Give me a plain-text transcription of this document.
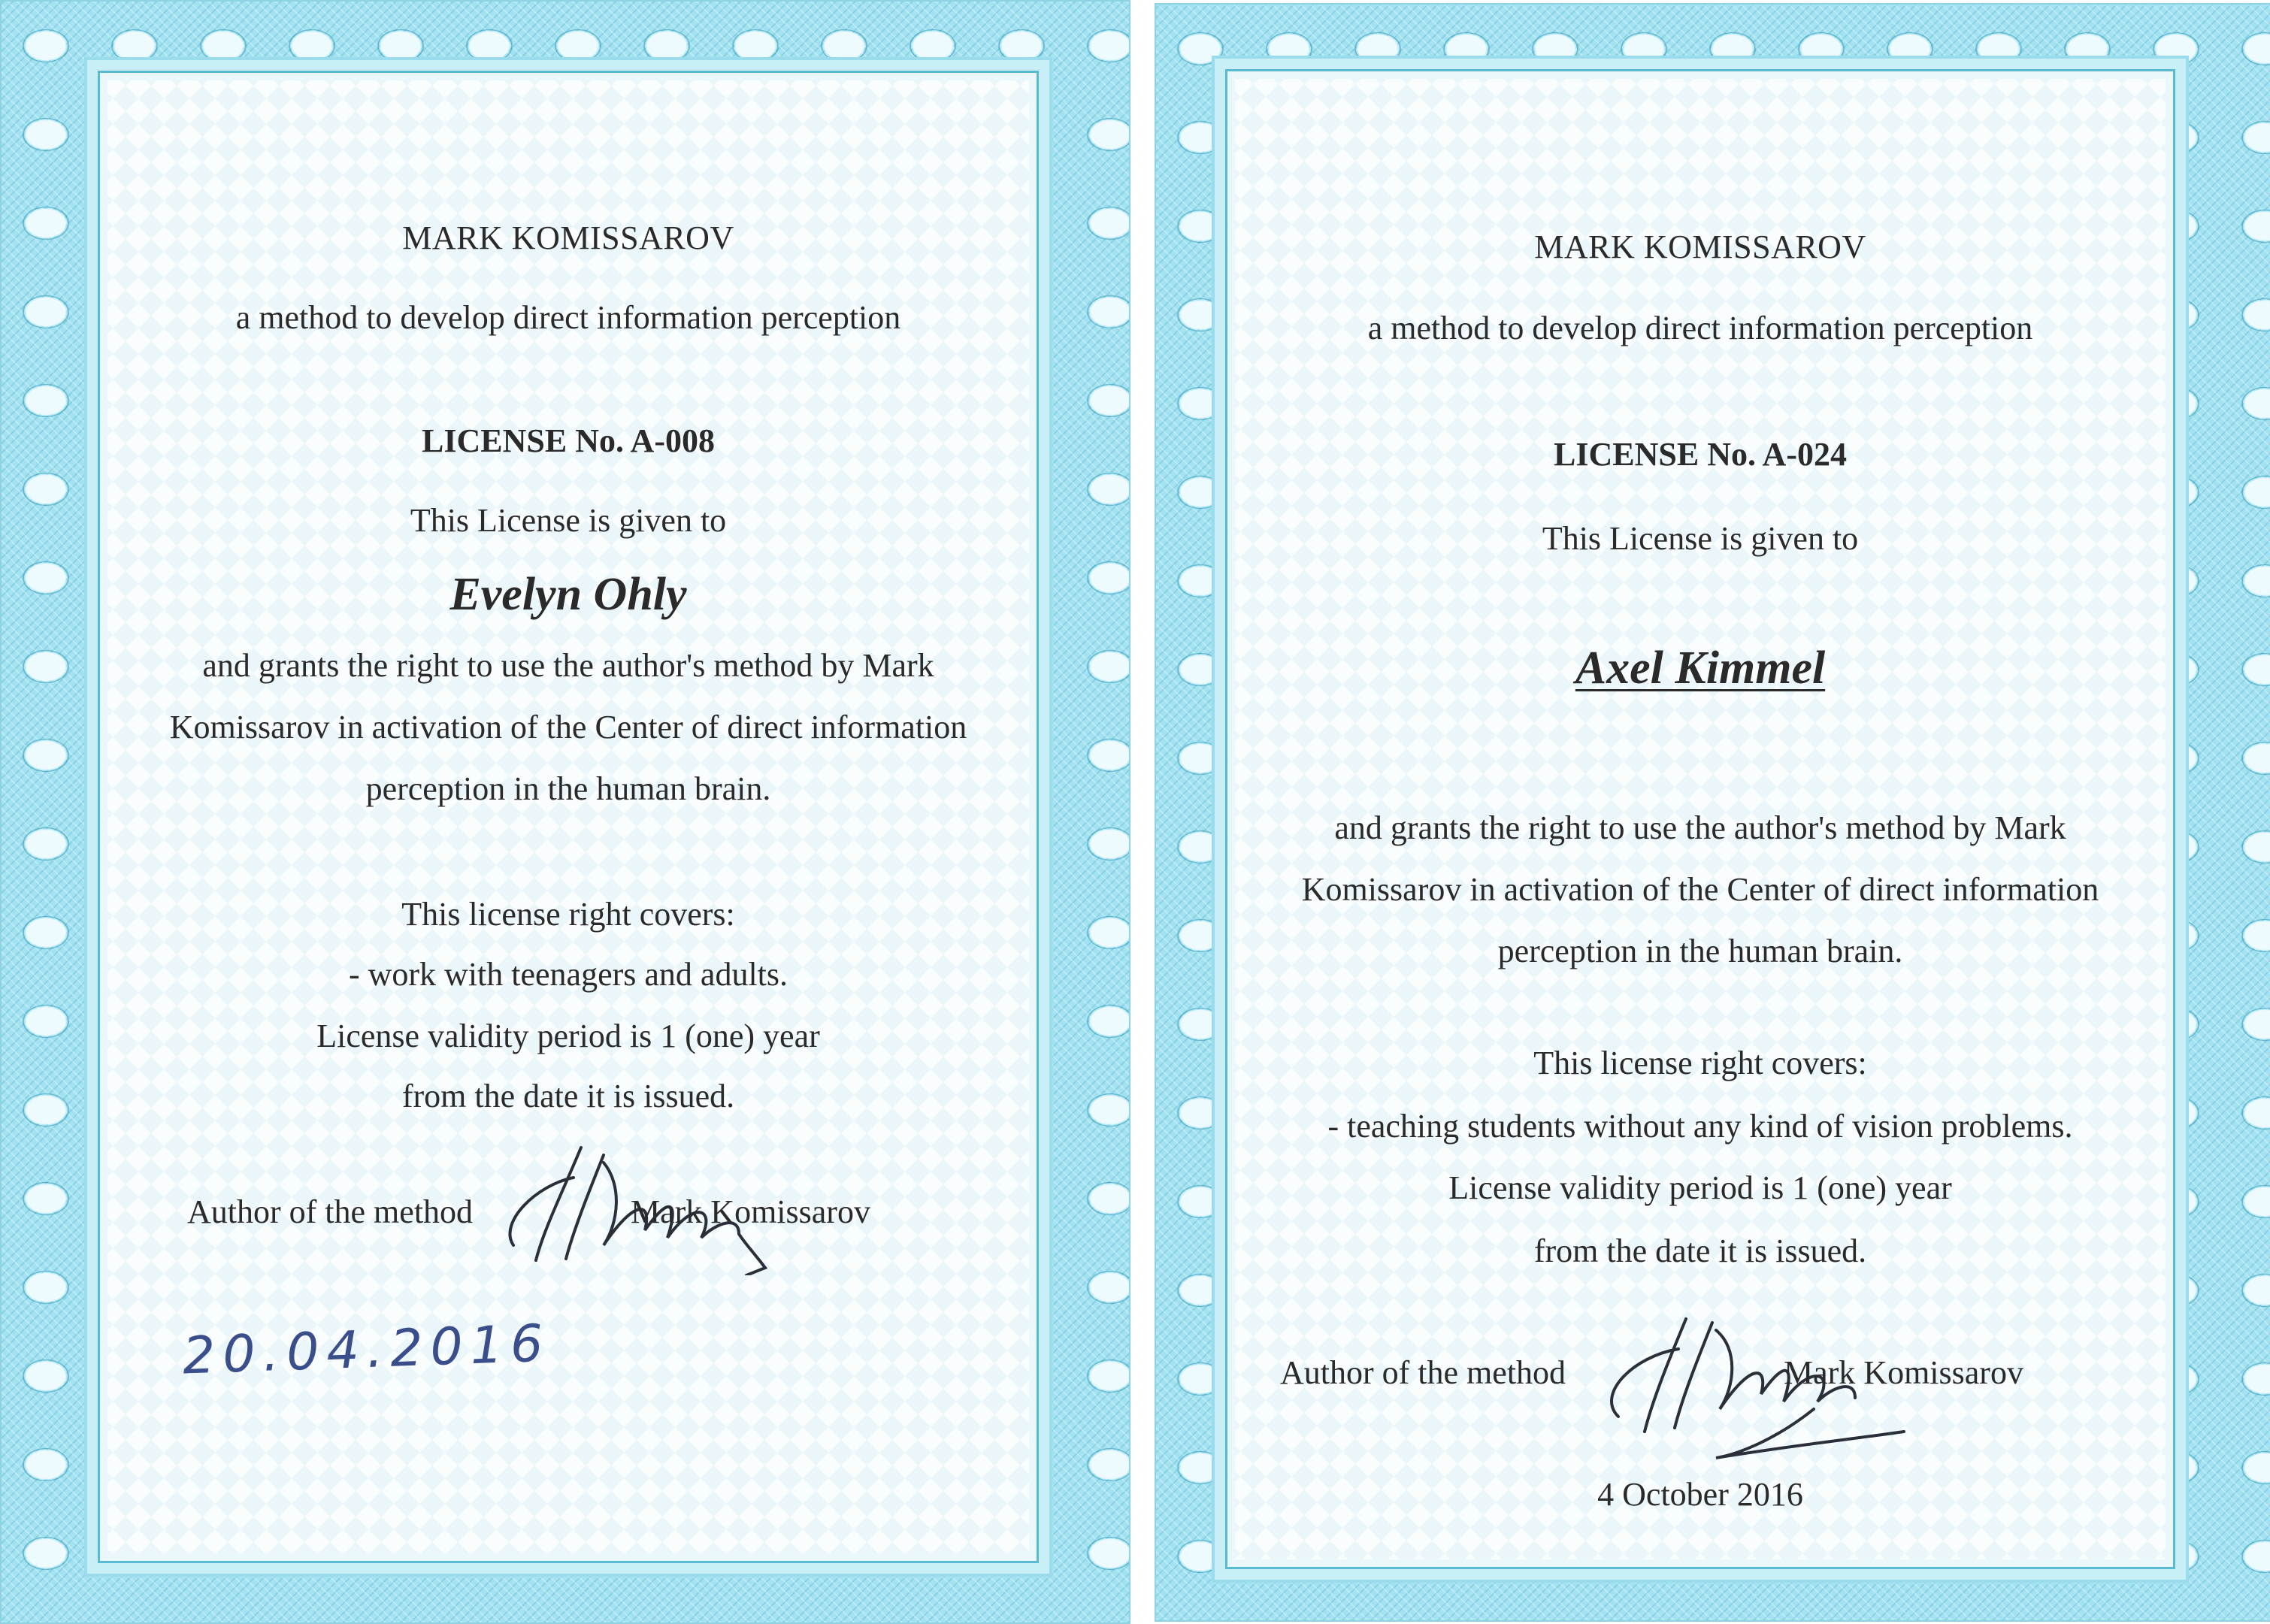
MARK KOMISSAROV

a method to develop direct information perception

LICENSE No. A-008

This License is given to

Evelyn Ohly

and grants the right to use the author's method by Mark

Komissarov in activation of the Center of direct information

perception in the human brain.

This license right covers:

- work with teenagers and adults.

License validity period is 1 (one) year

from the date it is issued.

Author of the method	Mark Komissarov
20.04.2016

MARK KOMISSAROV

a method to develop direct information perception

LICENSE No. A-024

This License is given to

Axel Kimmel

and grants the right to use the author's method by Mark

Komissarov in activation of the Center of direct information

perception in the human brain.

This license right covers:

- teaching students without any kind of vision problems.

License validity period is 1 (one) year

from the date it is issued.

Author of the method	Mark Komissarov

4 October 2016
